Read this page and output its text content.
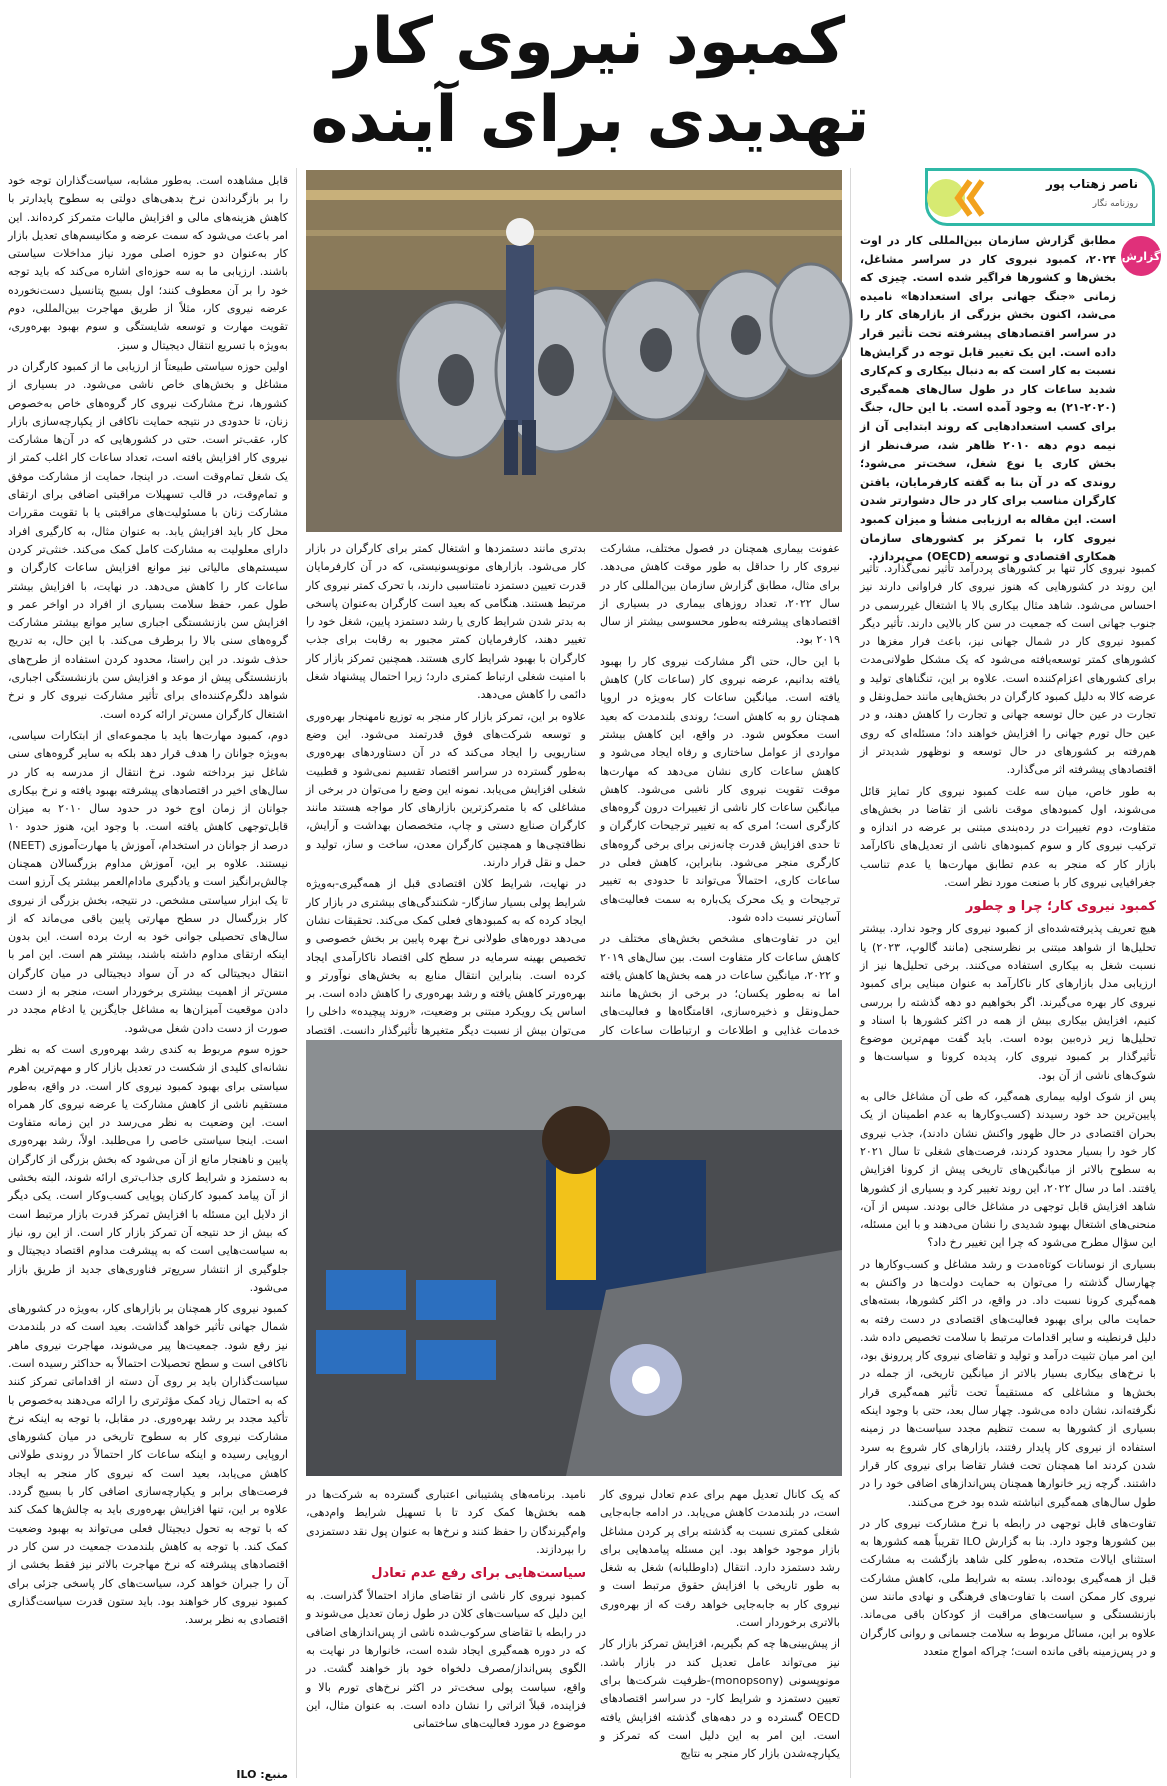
کمبود نیروی کار
تهدیدی برای آینده
ناصر زهتاب پور
روزنامه نگار
گزارش

مطابق گزارش سازمان بین‌المللی کار در اوت ۲۰۲۴، کمبود نیروی کار در سراسر مشاغل، بخش‌ها و کشورها فراگیر شده است. چیزی که زمانی «جنگ جهانی برای استعدادها» نامیده می‌شد، اکنون بخش بزرگی از بازارهای کار را در سراسر اقتصادهای پیشرفته تحت تأثیر قرار داده است. این یک تغییر قابل توجه در گرایش‌ها نسبت به کار است که به دنبال بیکاری و کم‌کاری شدید ساعات کار در طول سال‌های همه‌گیری (۲۰۲۰-۲۱) به وجود آمده است. با این حال، جنگ برای کسب استعدادهایی که روند ابتدایی آن از نیمه دوم دهه ۲۰۱۰ ظاهر شد، صرف‌نظر از بخش کاری یا نوع شغل، سخت‌تر می‌شود؛ روندی که در آن بنا به گفته کارفرمایان، یافتن کارگران مناسب برای کار در حال دشوارتر شدن است. این مقاله به ارزیابی منشأ و میزان کمبود نیروی کار، با تمرکز بر کشورهای سازمان همکاری اقتصادی و توسعه (OECD) می‌پردازد.

کمبود نیروی کار تنها بر کشورهای پردرآمد تأثیر نمی‌گذارد. تأثیر این روند در کشورهایی که هنوز نیروی کار فراوانی دارند نیز احساس می‌شود. شاهد مثال بیکاری بالا یا اشتغال غیررسمی در جنوب جهانی است که جمعیت در سن کار بالایی دارند. تأثیر دیگر کمبود نیروی کار در شمال جهانی نیز، باعث فرار مغزها در کشورهای کمتر توسعه‌یافته می‌شود که یک مشکل طولانی‌مدت برای کشورهای اعزام‌کننده است. علاوه بر این، تنگناهای تولید و عرضه کالا به دلیل کمبود کارگران در بخش‌هایی مانند حمل‌ونقل و تجارت در عین حال توسعه جهانی و تجارت را کاهش دهند، و در عین حال تورم جهانی را افزایش خواهند داد؛ مسئله‌ای که روی هم‌رفته بر کشورهای در حال توسعه و نوظهور شدیدتر از اقتصادهای پیشرفته اثر می‌گذارد.

به طور خاص، میان سه علت کمبود نیروی کار تمایز قائل می‌شوند، اول کمبودهای موقت ناشی از تقاضا در بخش‌های متفاوت، دوم تغییرات در رده‌بندی مبتنی بر عرضه در اندازه و ترکیب نیروی کار و سوم کمبودهای ناشی از تعدیل‌های ناکارآمد بازار کار که منجر به عدم تطابق مهارت‌ها یا عدم تناسب جغرافیایی نیروی کار با صنعت مورد نظر است.

کمبود نیروی کار؛ چرا و چطور

هیچ تعریف پذیرفته‌شده‌ای از کمبود نیروی کار وجود ندارد. بیشتر تحلیل‌ها از شواهد مبتنی بر نظرسنجی (مانند گالوپ، ۲۰۲۳) یا نسبت شغل به بیکاری استفاده می‌کنند. برخی تحلیل‌ها نیز از ارزیابی مدل بازارهای کار ناکارآمد به عنوان مبنایی برای کمبود نیروی کار بهره می‌گیرند. اگر بخواهیم دو دهه گذشته را بررسی کنیم، افزایش بیکاری بیش از همه در اکثر کشورها با اسناد و تحلیل‌ها زیر ذره‌بین بوده است. باید گفت مهم‌ترین موضوع تأثیرگذار بر کمبود نیروی کار، پدیده کرونا و سیاست‌ها و شوک‌های ناشی از آن بود.

پس از شوک اولیه بیماری همه‌گیر، که طی آن مشاغل خالی به پایین‌ترین حد خود رسیدند (کسب‌وکارها به عدم اطمینان از یک بحران اقتصادی در حال ظهور واکنش نشان دادند)، جذب نیروی کار خود را بسیار محدود کردند، فرصت‌های شغلی تا سال ۲۰۲۱ به سطوح بالاتر از میانگین‌های تاریخی پیش از کرونا افزایش یافتند. اما در سال ۲۰۲۲، این روند تغییر کرد و بسیاری از کشورها شاهد افزایش قابل توجهی در مشاغل خالی بودند. سپس از آن، منحنی‌های اشتغال بهبود شدیدی را نشان می‌دهند و با این مسئله، این سؤال مطرح می‌شود که چرا این تغییر رخ داد؟

بسیاری از نوسانات کوتاه‌مدت و رشد مشاغل و کسب‌وکارها در چهارسال گذشته را می‌توان به حمایت دولت‌ها در واکنش به همه‌گیری کرونا نسبت داد. در واقع، در اکثر کشورها، بسته‌های حمایت مالی برای بهبود فعالیت‌های اقتصادی در دست رفته به دلیل قرنطینه و سایر اقدامات مرتبط با سلامت تخصیص داده شد. این امر میان تثبیت درآمد و تولید و تقاضای نیروی کار پررونق بود، با نرخ‌های بیکاری بسیار بالاتر از میانگین تاریخی، از جمله در بخش‌ها و مشاغلی که مستقیماً تحت تأثیر همه‌گیری قرار نگرفته‌اند، نشان داده می‌شود. چهار سال بعد، حتی با وجود اینکه بسیاری از کشورها به سمت تنظیم مجدد سیاست‌ها در زمینه استفاده از نیروی کار پایدار رفتند، بازارهای کار شروع به سرد شدن کردند اما همچنان تحت فشار تقاضا برای نیروی کار قرار داشتند. گرچه زیر خانوارها همچنان پس‌اندازهای اضافی خود را در طول سال‌های همه‌گیری انباشته شده بود خرج می‌کنند.

تفاوت‌های قابل توجهی در رابطه با نرخ مشارکت نیروی کار در بین کشورها وجود دارد. بنا به گزارش ILO تقریباً همه کشورها به استثنای ایالات متحده، به‌طور کلی شاهد بازگشت به مشارکت قبل از همه‌گیری بوده‌اند. بسته به شرایط ملی، کاهش مشارکت نیروی کار ممکن است با تفاوت‌های فرهنگی و نهادی مانند سن بازنشستگی و سیاست‌های مراقبت از کودکان باقی می‌ماند. علاوه بر این، مسائل مربوط به سلامت جسمانی و روانی کارگران و در پس‌زمینه باقی مانده است؛ چراکه امواج متعدد

عفونت بیماری همچنان در فصول مختلف، مشارکت نیروی کار را حداقل به طور موقت کاهش می‌دهد. برای مثال، مطابق گزارش سازمان بین‌المللی کار در سال ۲۰۲۲، تعداد روزهای بیماری در بسیاری از اقتصادهای پیشرفته به‌طور محسوسی بیشتر از سال ۲۰۱۹ بود.

با این حال، حتی اگر مشارکت نیروی کار را بهبود یافته بدانیم، عرضه نیروی کار (ساعات کار) کاهش یافته است. میانگین ساعات کار به‌ویژه در اروپا همچنان رو به کاهش است؛ روندی بلندمدت که بعید است معکوس شود. در واقع، این کاهش بیشتر مواردی از عوامل ساختاری و رفاه ایجاد می‌شود و کاهش ساعات کاری نشان می‌دهد که مهارت‌ها موقت تقویت نیروی کار ناشی می‌شود. کاهش میانگین ساعات کار ناشی از تغییرات درون گروه‌های کارگری است؛ امری که به تغییر ترجیحات کارگران و تا حدی افزایش قدرت چانه‌زنی برای برخی گروه‌های کارگری منجر می‌شود. بنابراین، کاهش فعلی در ساعات کاری، احتمالاً می‌تواند تا حدودی به تغییر ترجیحات و یک محرک یک‌باره به سمت فعالیت‌های آسان‌تر نسبت داده شود.

این در تفاوت‌های مشخص بخش‌های مختلف در کاهش ساعات کار متفاوت است. بین سال‌های ۲۰۱۹ و ۲۰۲۲، میانگین ساعات در همه بخش‌ها کاهش یافته اما نه به‌طور یکسان؛ در برخی از بخش‌ها مانند حمل‌ونقل و ذخیره‌سازی، اقامتگاه‌ها و فعالیت‌های خدمات غذایی و اطلاعات و ارتباطات ساعات کار

بدتری مانند دستمزدها و اشتغال کمتر برای کارگران در بازار کار می‌شود. بازارهای مونوپسونیستی، که در آن کارفرمایان قدرت تعیین دستمزد نامتناسبی دارند، با تحرک کمتر نیروی کار مرتبط هستند. هنگامی که بعید است کارگران به‌عنوان پاسخی به بدتر شدن شرایط کاری یا رشد دستمزد پایین، شغل خود را تغییر دهند، کارفرمایان کمتر مجبور به رقابت برای جذب کارگران با بهبود شرایط کاری هستند. همچنین تمرکز بازار کار با امنیت شغلی ارتباط کمتری دارد؛ زیرا احتمال پیشنهاد شغل دائمی را کاهش می‌دهد.

علاوه بر این، تمرکز بازار کار منجر به توزیع نامهنجار بهره‌وری و توسعه شرکت‌های فوق قدرتمند می‌شود. این وضع سناریویی را ایجاد می‌کند که در آن دستاوردهای بهره‌وری به‌طور گسترده در سراسر اقتصاد تقسیم نمی‌شود و قطبیت شغلی افزایش می‌یابد. نمونه این وضع را می‌توان در برخی از مشاغلی که با متمرکزترین بازارهای کار مواجه هستند مانند کارگران صنایع دستی و چاپ، متخصصان بهداشت و آرایش، نظافتچی‌ها و همچنین کارگران معدن، ساخت و ساز، تولید و حمل و نقل قرار دارند.

در نهایت، شرایط کلان اقتصادی قبل از همه‌گیری-به‌ویژه شرایط پولی بسیار سازگار- شکنندگی‌های بیشتری در بازار کار ایجاد کرده که به کمبودهای فعلی کمک می‌کند. تحقیقات نشان می‌دهد دوره‌های طولانی نرخ بهره پایین بر بخش خصوصی و تخصیص بهینه سرمایه در سطح کلی اقتصاد ناکارآمدی ایجاد کرده است. بنابراین انتقال منابع به بخش‌های نوآورتر و بهره‌ورتر کاهش یافته و رشد بهره‌وری را کاهش داده است. بر اساس یک رویکرد مبتنی بر وضعیت، «روند پیچیده» داخلی را می‌توان بیش از نسبت دیگر متغیرها تأثیرگذار دانست. اقتصاد

که یک کانال تعدیل مهم برای عدم تعادل نیروی کار است، در بلندمدت کاهش می‌یابد. در ادامه جابه‌جایی شغلی کمتری نسبت به گذشته برای پر کردن مشاغل بازار موجود خواهد بود. این مسئله پیامدهایی برای رشد دستمزد دارد. انتقال (داوطلبانه) شغل به شغل به طور تاریخی با افزایش حقوق مرتبط است و نیروی کار به جابه‌جایی خواهد رفت که از بهره‌وری بالاتری برخوردار است.

از پیش‌بینی‌ها چه کم بگیریم، افزایش تمرکز بازار کار نیز می‌تواند عامل تعدیل کند در بازار باشد. مونوپسونی (monopsony)-ظرفیت شرکت‌ها برای تعیین دستمزد و شرایط کار- در سراسر اقتصادهای OECD گسترده و در دهه‌های گذشته افزایش یافته است. این امر به این دلیل است که تمرکز و یکپارچه‌شدن بازار کار منجر به نتایج

نامید. برنامه‌های پشتیبانی اعتباری گسترده به شرکت‌ها در همه بخش‌ها کمک کرد تا با تسهیل شرایط وام‌دهی، وام‌گیرندگان را حفظ کنند و نرخ‌ها به عنوان پول نقد دستمزدی را بپردازند.

سیاست‌هایی برای رفع عدم تعادل

کمبود نیروی کار ناشی از تقاضای مازاد احتمالاً گذراست. به این دلیل که سیاست‌های کلان در طول زمان تعدیل می‌شوند و در رابطه با تقاضای سرکوب‌شده ناشی از پس‌اندازهای اضافی که در دوره همه‌گیری ایجاد شده است، خانوارها در نهایت به الگوی پس‌انداز/مصرف دلخواه خود باز خواهند گشت. در واقع، سیاست پولی سخت‌تر در اکثر نرخ‌های تورم بالا و فزاینده، قبلاً اثراتی را نشان داده است. به عنوان مثال، این موضوع در مورد فعالیت‌های ساختمانی

قابل مشاهده است. به‌طور مشابه، سیاست‌گذاران توجه خود را بر بازگرداندن نرخ بدهی‌های دولتی به سطوح پایدارتر با کاهش هزینه‌های مالی و افزایش مالیات متمرکز کرده‌اند. این امر باعث می‌شود که سمت عرضه و مکانیسم‌های تعدیل بازار کار به‌عنوان دو حوزه اصلی مورد نیاز مداخلات سیاستی باشند. ارزیابی ما به سه حوزه‌ای اشاره می‌کند که باید توجه خود را بر آن معطوف کنند؛ اول بسیج پتانسیل دست‌نخورده عرضه نیروی کار، مثلاً از طریق مهاجرت بین‌المللی، دوم تقویت مهارت و توسعه شایستگی و سوم بهبود بهره‌وری، به‌ویژه با تسریع انتقال دیجیتال و سبز.

اولین حوزه سیاستی طبیعتاً از ارزیابی ما از کمبود کارگران در مشاغل و بخش‌های خاص ناشی می‌شود. در بسیاری از کشورها، نرخ مشارکت نیروی کار گروه‌های خاص به‌خصوص زنان، تا حدودی در نتیجه حمایت ناکافی از یکپارچه‌سازی بازار کار، عقب‌تر است. حتی در کشورهایی که در آن‌ها مشارکت نیروی کار افزایش یافته است، تعداد ساعات کار اغلب کمتر از یک شغل تمام‌وقت است. در اینجا، حمایت از مشارکت موفق و تمام‌وقت، در قالب تسهیلات مراقبتی اضافی برای ارتقای مشارکت زنان با مسئولیت‌های مراقبتی یا با تقویت مقررات محل کار باید افزایش یابد. به عنوان مثال، به کارگیری افراد دارای معلولیت به مشارکت کامل کمک می‌کند. خنثی‌تر کردن سیستم‌های مالیاتی نیز موانع افزایش ساعات کارگران و ساعات کار را کاهش می‌دهد. در نهایت، با افزایش بیشتر طول عمر، حفظ سلامت بسیاری از افراد در اواخر عمر و افزایش سن بازنشستگی اجباری سایر موانع بیشتر مشارکت گروه‌های سنی بالا را برطرف می‌کند. با این حال، به تدریج حذف شوند. در این راستا، محدود کردن استفاده از طرح‌های بازنشستگی پیش از موعد و افزایش سن بازنشستگی اجباری، شواهد دلگرم‌کننده‌ای برای تأثیر مشارکت نیروی کار و نرخ اشتغال کارگران مسن‌تر ارائه کرده است.

دوم، کمبود مهارت‌ها باید با مجموعه‌ای از ابتکارات سیاسی، به‌ویژه جوانان را هدف قرار دهد بلکه به سایر گروه‌های سنی شاغل نیز برداخته شود. نرخ انتقال از مدرسه به کار در سال‌های اخیر در اقتصادهای پیشرفته بهبود یافته و نرخ بیکاری جوانان از زمان اوج خود در حدود سال ۲۰۱۰ به میزان قابل‌توجهی کاهش یافته است. با وجود این، هنوز حدود ۱۰ درصد از جوانان در استخدام، آموزش یا مهارت‌آموزی (NEET) نیستند. علاوه بر این، آموزش مداوم بزرگسالان همچنان چالش‌برانگیز است و یادگیری مادام‌العمر بیشتر یک آرزو است تا یک ابزار سیاستی مشخص. در نتیجه، بخش بزرگی از نیروی کار بزرگسال در سطح مهارتی پایین باقی می‌ماند که از سال‌های تحصیلی جوانی خود به ارث برده است. این بدون اینکه ارتقای مداوم داشته باشند، بیشتر هم است. این امر با انتقال دیجیتالی که در آن سواد دیجیتالی در میان کارگران مسن‌تر از اهمیت بیشتری برخوردار است، منجر به از دست دادن موقعیت آمیزان‌ها به مشاغل جایگزین یا ادغام مجدد در صورت از دست دادن شغل می‌شود.

حوزه سوم مربوط به کندی رشد بهره‌وری است که به نظر نشانه‌ای کلیدی از شکست در تعدیل بازار کار و مهم‌ترین اهرم سیاستی برای بهبود کمبود نیروی کار است. در واقع، به‌طور مستقیم ناشی از کاهش مشارکت یا عرضه نیروی کار همراه است. این وضعیت به نظر می‌رسد در این زمانه متفاوت است. اینجا سیاستی خاصی را می‌طلبد. اولاً، رشد بهره‌وری پایین و ناهنجار مانع از آن می‌شود که بخش بزرگی از کارگران به دستمزد و شرایط کاری جذاب‌تری ارائه شوند، البته بخشی از آن پیامد کمبود کارکنان پوپایی کسب‌وکار است. یکی دیگر از دلایل این مسئله با افزایش تمرکز قدرت بازار مرتبط است که بیش از حد نتیجه آن تمرکز بازار کار است. از این رو، نیاز به سیاست‌هایی است که به پیشرفت مداوم اقتصاد دیجیتال و جلوگیری از انتشار سریع‌تر فناوری‌های جدید از طریق بازار می‌شود.

کمبود نیروی کار همچنان بر بازارهای کار، به‌ویژه در کشورهای شمال جهانی تأثیر خواهد گذاشت. بعید است که در بلندمدت نیز رفع شود. جمعیت‌ها پیر می‌شوند، مهاجرت نیروی ماهر ناکافی است و سطح تحصیلات احتمالاً به حداکثر رسیده است. سیاست‌گذاران باید بر روی آن دسته از اقداماتی تمرکز کنند که به احتمال زیاد کمک مؤثرتری را ارائه می‌دهند به‌خصوص با تأکید مجدد بر رشد بهره‌وری. در مقابل، با توجه به اینکه نرخ مشارکت نیروی کار به سطوح تاریخی در میان کشورهای اروپایی رسیده و اینکه ساعات کار احتمالاً در روندی طولانی کاهش می‌یابد، بعید است که نیروی کار منجر به ایجاد فرصت‌های برابر و یکپارچه‌سازی اضافی کار با بسیج گردد. علاوه بر این، تنها افزایش بهره‌وری باید به چالش‌ها کمک کند که با توجه به تحول دیجیتال فعلی می‌تواند به بهبود وضعیت کمک کند. با توجه به کاهش بلندمدت جمعیت در سن کار در اقتصادهای پیشرفته که نرخ مهاجرت بالاتر نیز فقط بخشی از آن را جبران خواهد کرد، سیاست‌های کار پاسخی جزئی برای کمبود نیروی کار خواهند بود. باید ستون قدرت سیاست‌گذاری اقتصادی به نظر برسد.

منبع: ILO
